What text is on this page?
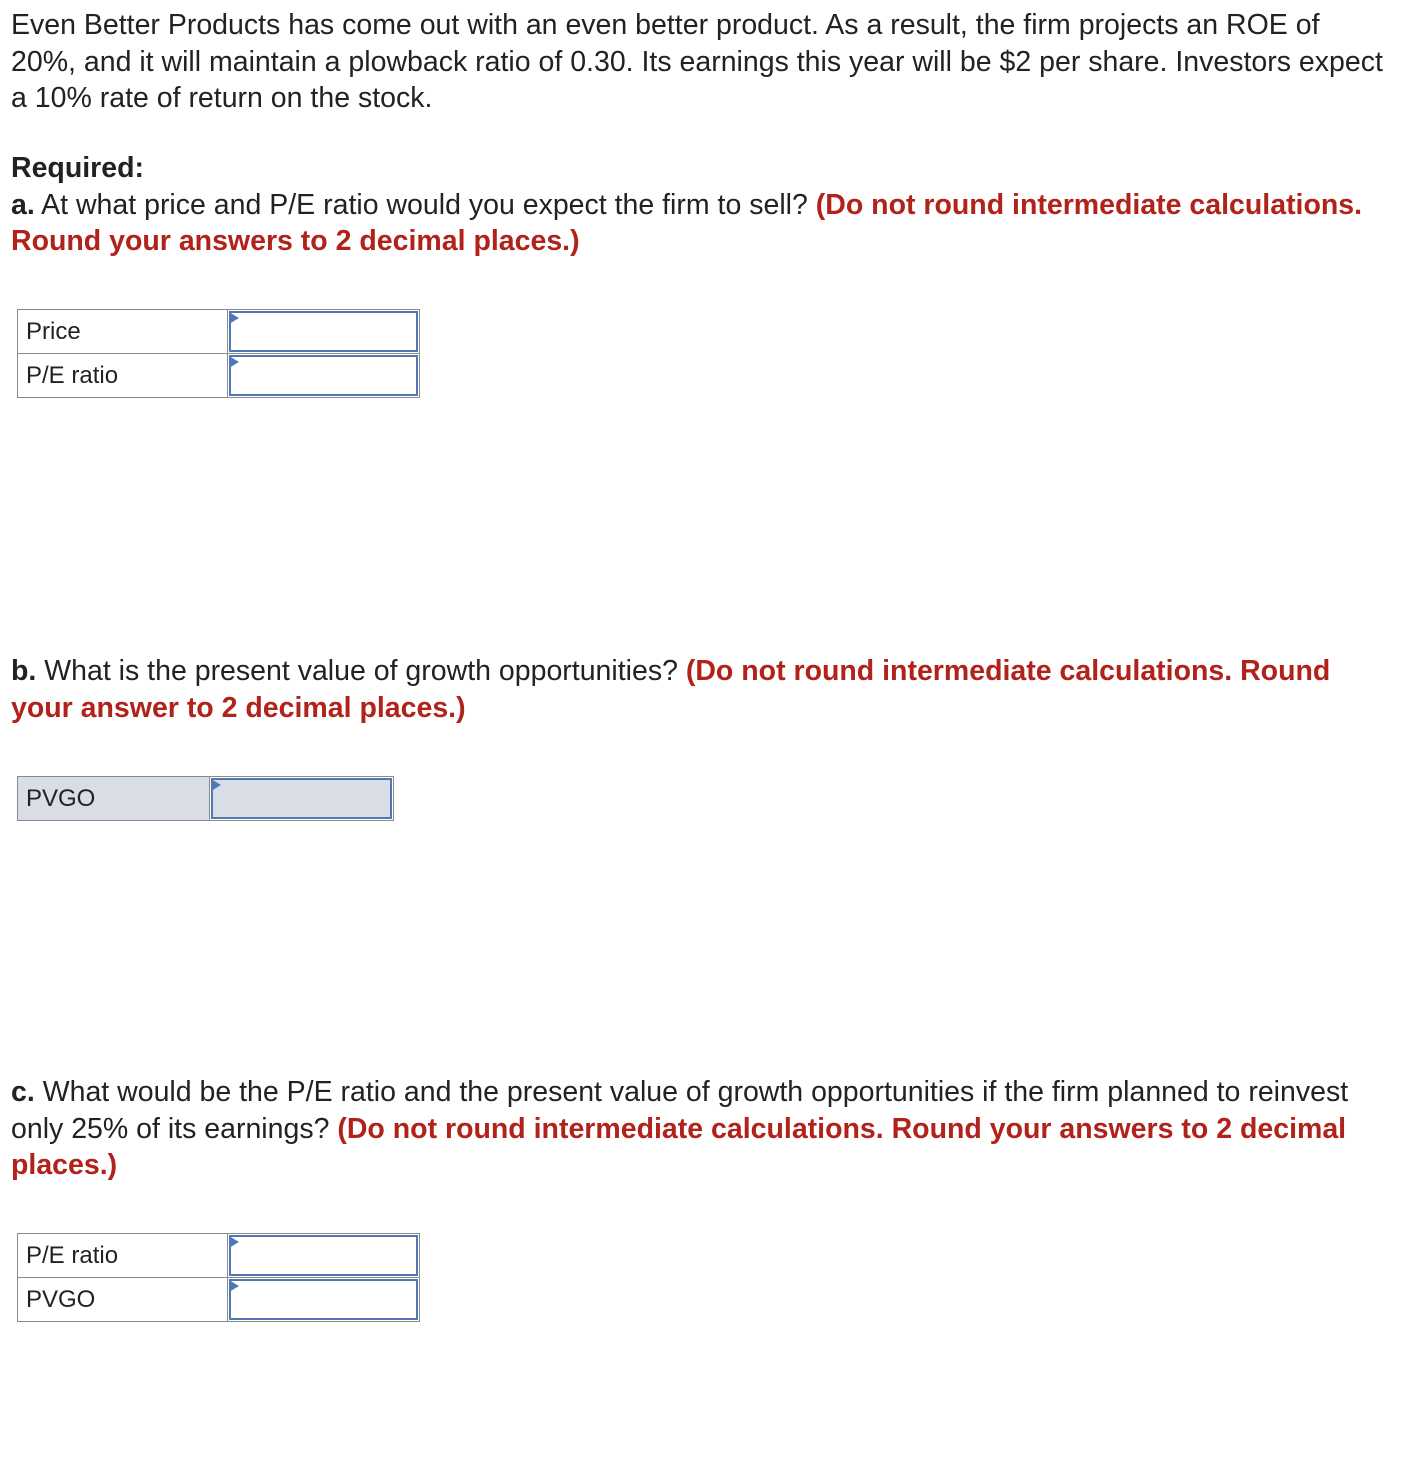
Even Better Products has come out with an even better product. As a result, the firm projects an ROE of 20%, and it will maintain a plowback ratio of 0.30. Its earnings this year will be $2 per share. Investors expect a 10% rate of return on the stock.
Required:
a. At what price and P/E ratio would you expect the firm to sell? (Do not round intermediate calculations. Round your answers to 2 decimal places.)
Price	

P/E ratio	
b. What is the present value of growth opportunities? (Do not round intermediate calculations. Round your answer to 2 decimal places.)
PVGO	
c. What would be the P/E ratio and the present value of growth opportunities if the firm planned to reinvest only 25% of its earnings? (Do not round intermediate calculations. Round your answers to 2 decimal places.)
P/E ratio	

PVGO	
